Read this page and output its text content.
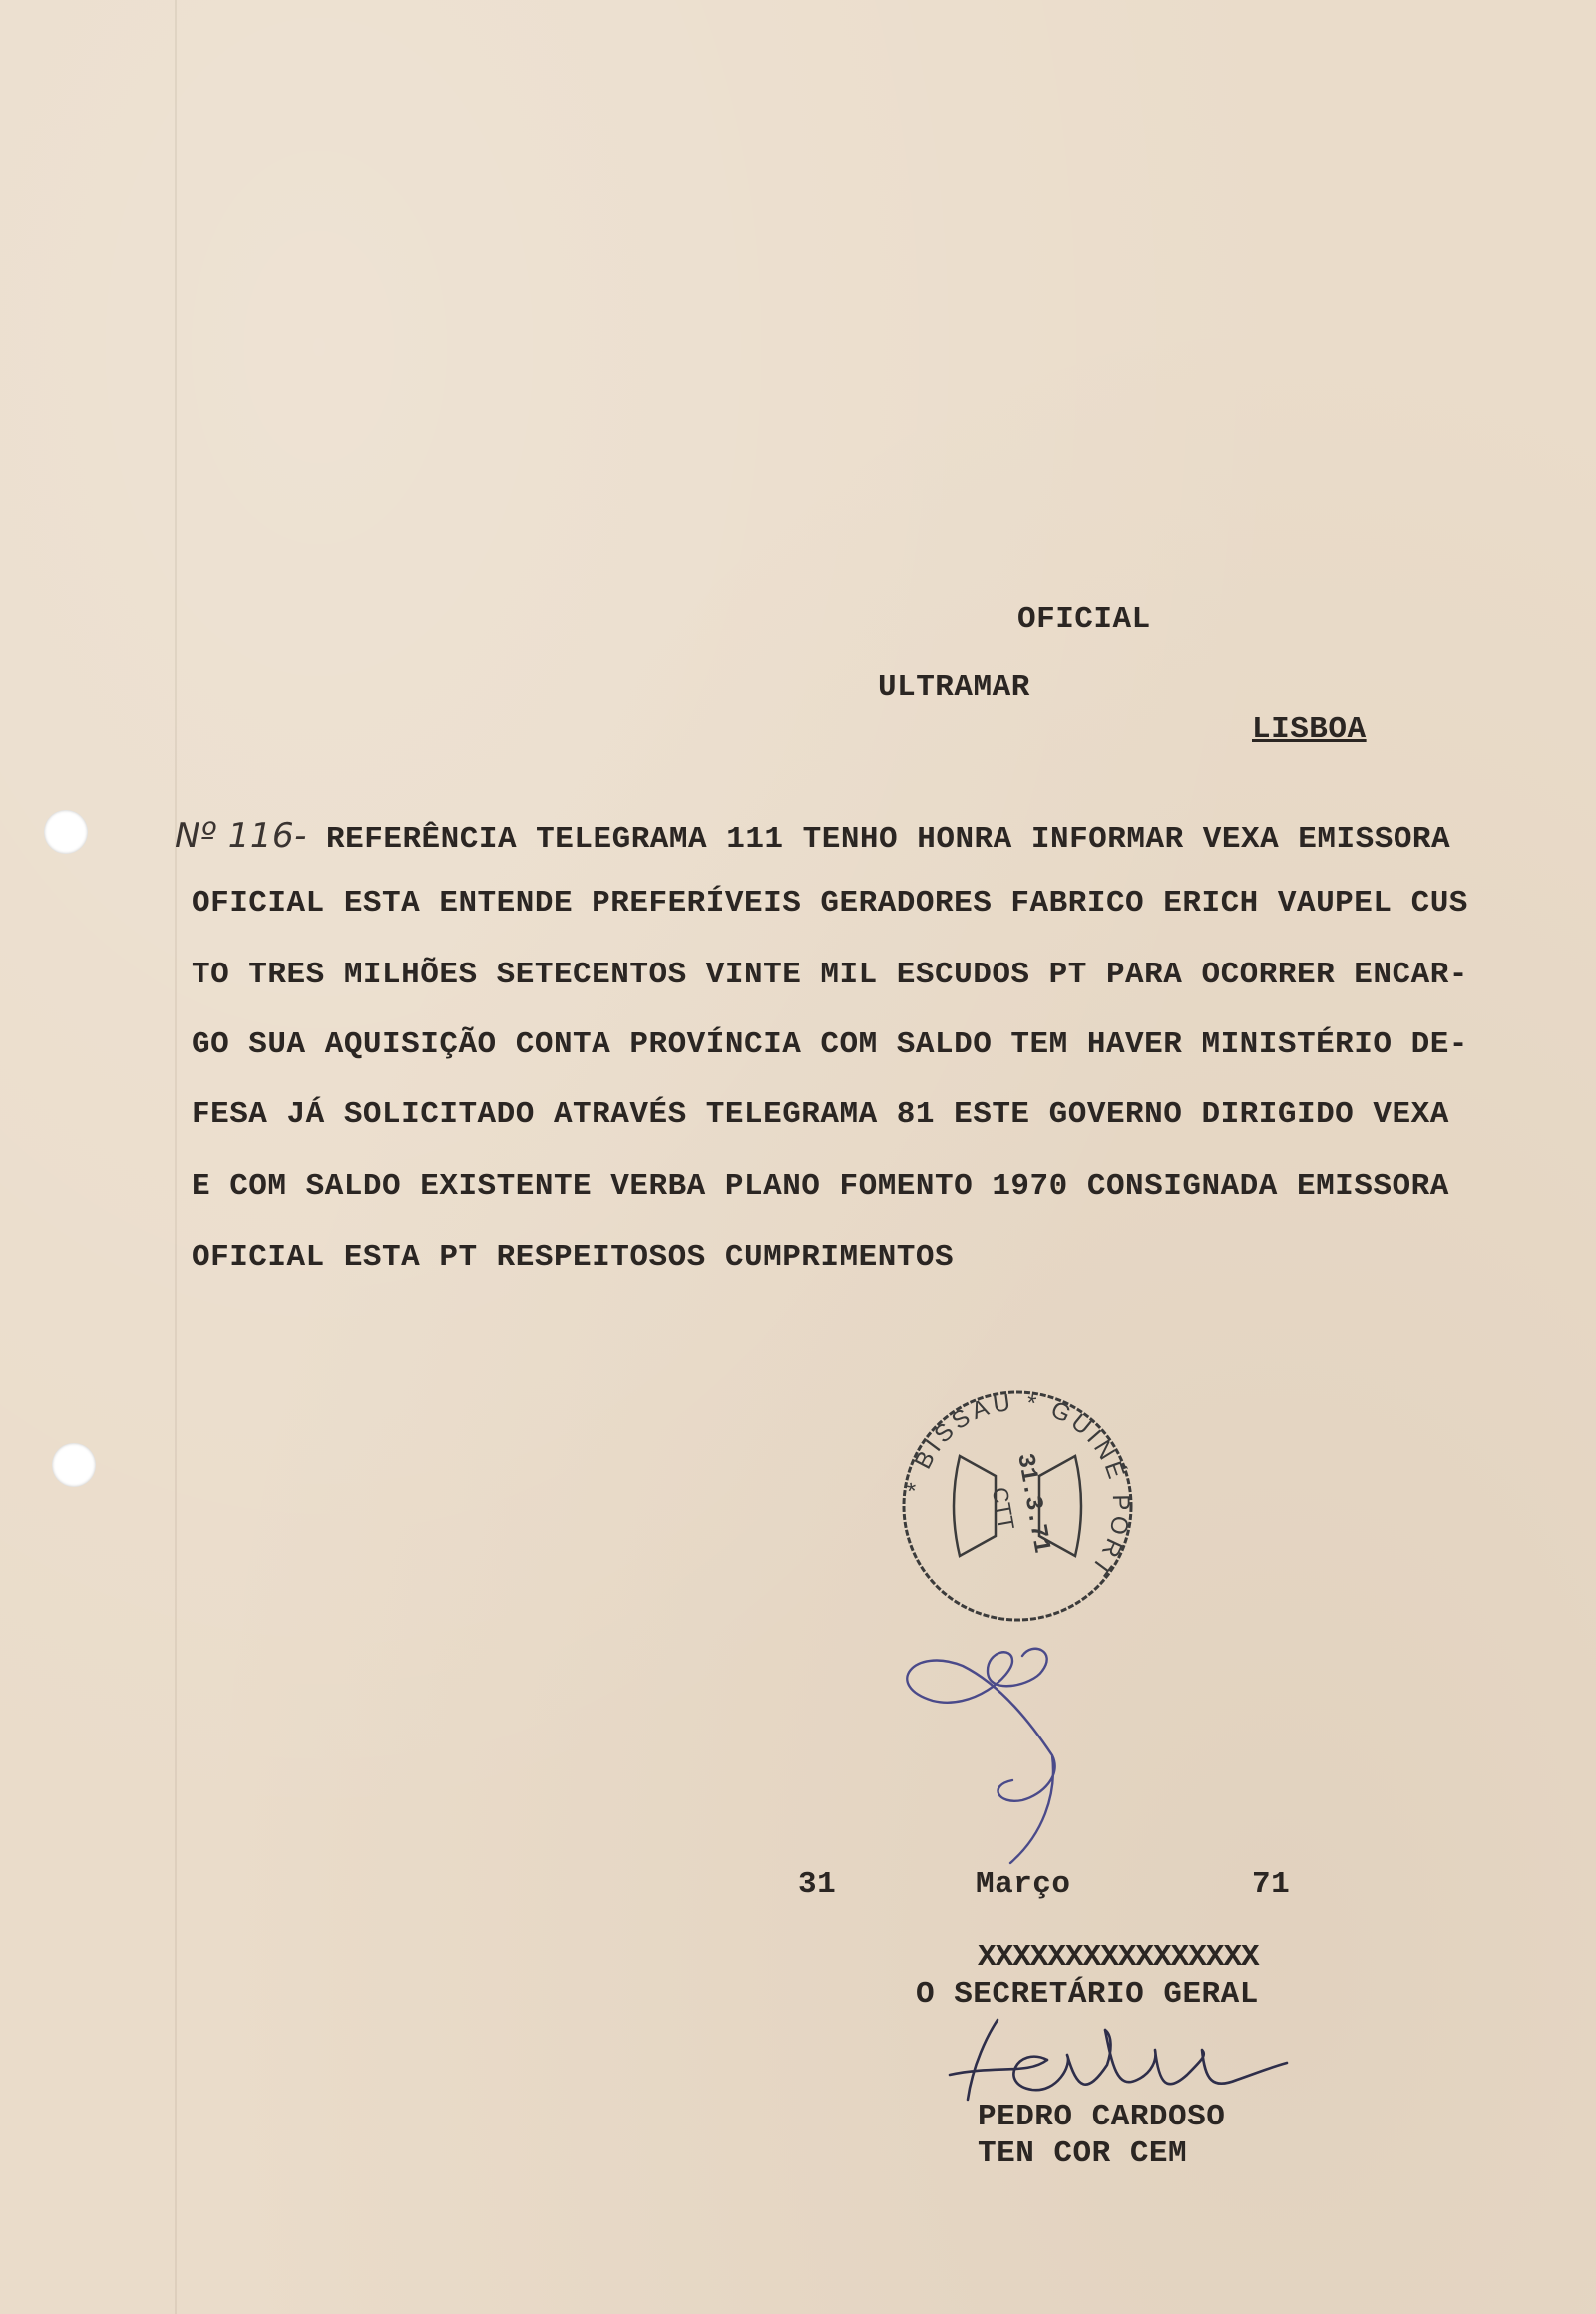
OFICIAL
ULTRAMAR
LISBOA
Nº 116- REFERÊNCIA TELEGRAMA 111 TENHO HONRA INFORMAR VEXA EMISSORA
OFICIAL ESTA ENTENDE PREFERÍVEIS GERADORES FABRICO ERICH VAUPEL CUS
TO TRES MILHÕES SETECENTOS VINTE MIL ESCUDOS PT PARA OCORRER ENCAR-
GO SUA AQUISIÇÃO CONTA PROVÍNCIA COM SALDO TEM HAVER MINISTÉRIO DE-
FESA JÁ SOLICITADO ATRAVÉS TELEGRAMA 81 ESTE GOVERNO DIRIGIDO VEXA
E COM SALDO EXISTENTE VERBA PLANO FOMENTO 1970 CONSIGNADA EMISSORA
OFICIAL ESTA PT RESPEITOSOS CUMPRIMENTOS
* BISSAU * GUINÉ PORT
31.3.71
CTT
31	Março	71
XXXXXXXXXXXXXXXX
O SECRETÁRIO GERAL
PEDRO CARDOSO
TEN COR CEM
